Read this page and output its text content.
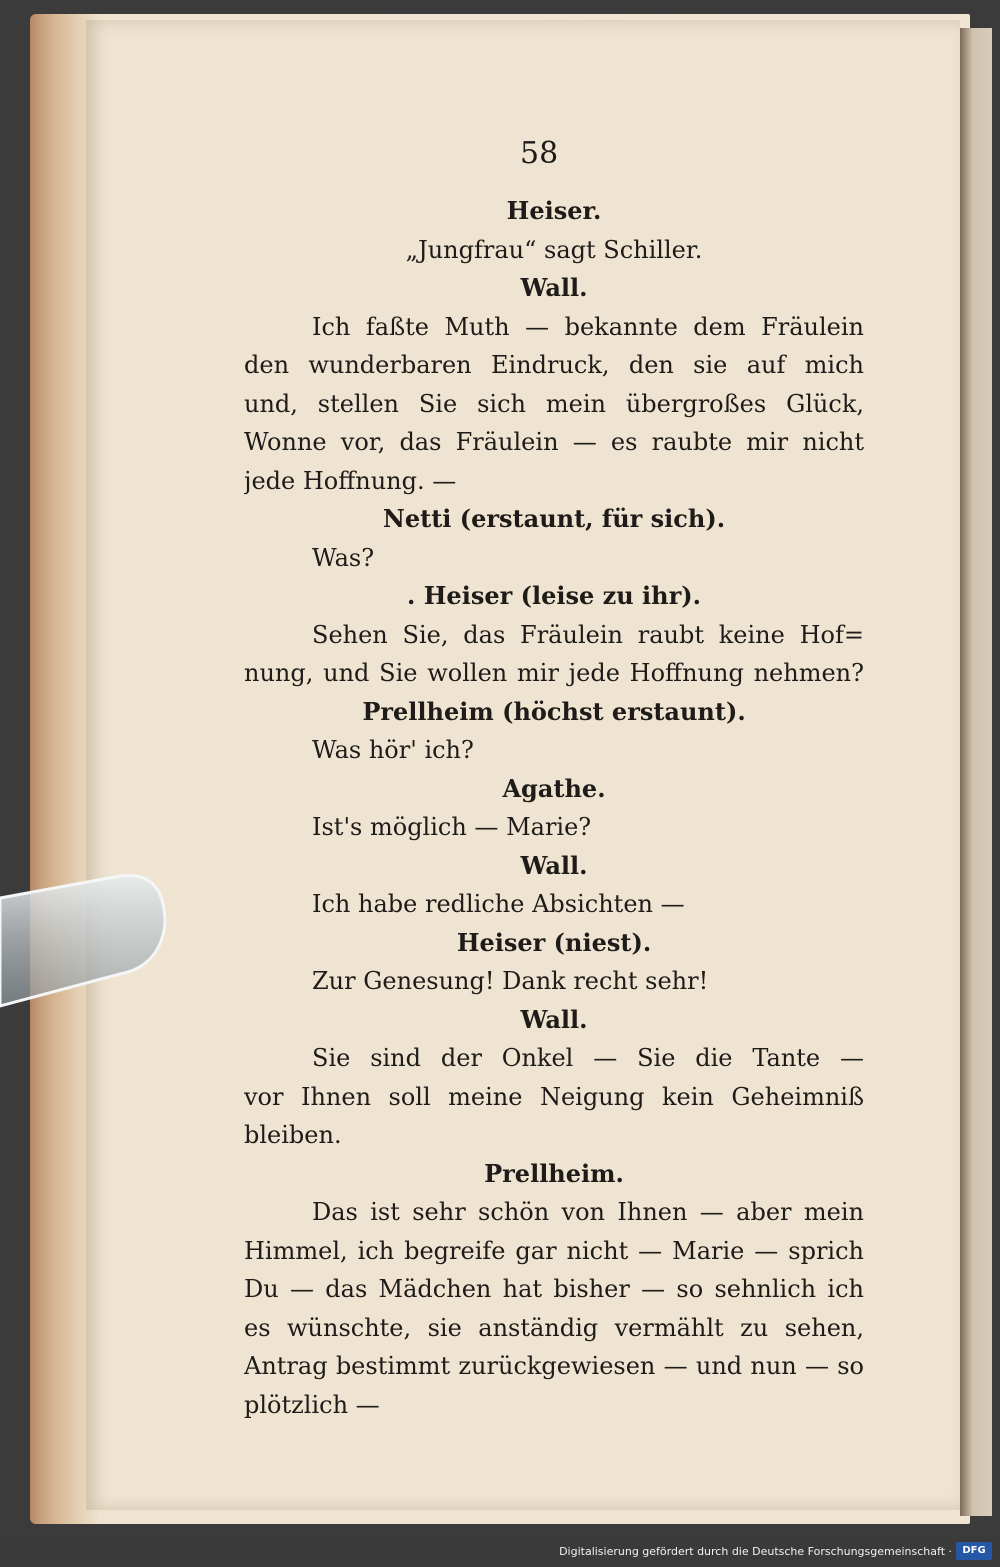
58
Heiser.
„Jungfrau“ sagt Schiller.
Wall.
Ich faßte Muth — bekannte dem Fräulein
den wunderbaren Eindruck, den sie auf mich
und, stellen Sie sich mein übergroßes Glück,
Wonne vor, das Fräulein — es raubte mir nicht
jede Hoffnung. —
Netti (erstaunt, für sich).
Was?
. Heiser (leise zu ihr).
Sehen Sie, das Fräulein raubt keine Hof=
nung, und Sie wollen mir jede Hoffnung nehmen?
Prellheim (höchst erstaunt).
Was hör' ich?
Agathe.
Ist's möglich — Marie?
Wall.
Ich habe redliche Absichten —
Heiser (niest).
Zur Genesung! Dank recht sehr!
Wall.
Sie sind der Onkel — Sie die Tante —
vor Ihnen soll meine Neigung kein Geheimniß
bleiben.
Prellheim.
Das ist sehr schön von Ihnen — aber mein
Himmel, ich begreife gar nicht — Marie — sprich
Du — das Mädchen hat bisher — so sehnlich ich
es wünschte, sie anständig vermählt zu sehen,
Antrag bestimmt zurückgewiesen — und nun — so
plötzlich —
Digitalisierung gefördert durch die Deutsche Forschungsgemeinschaft ·	DFG
